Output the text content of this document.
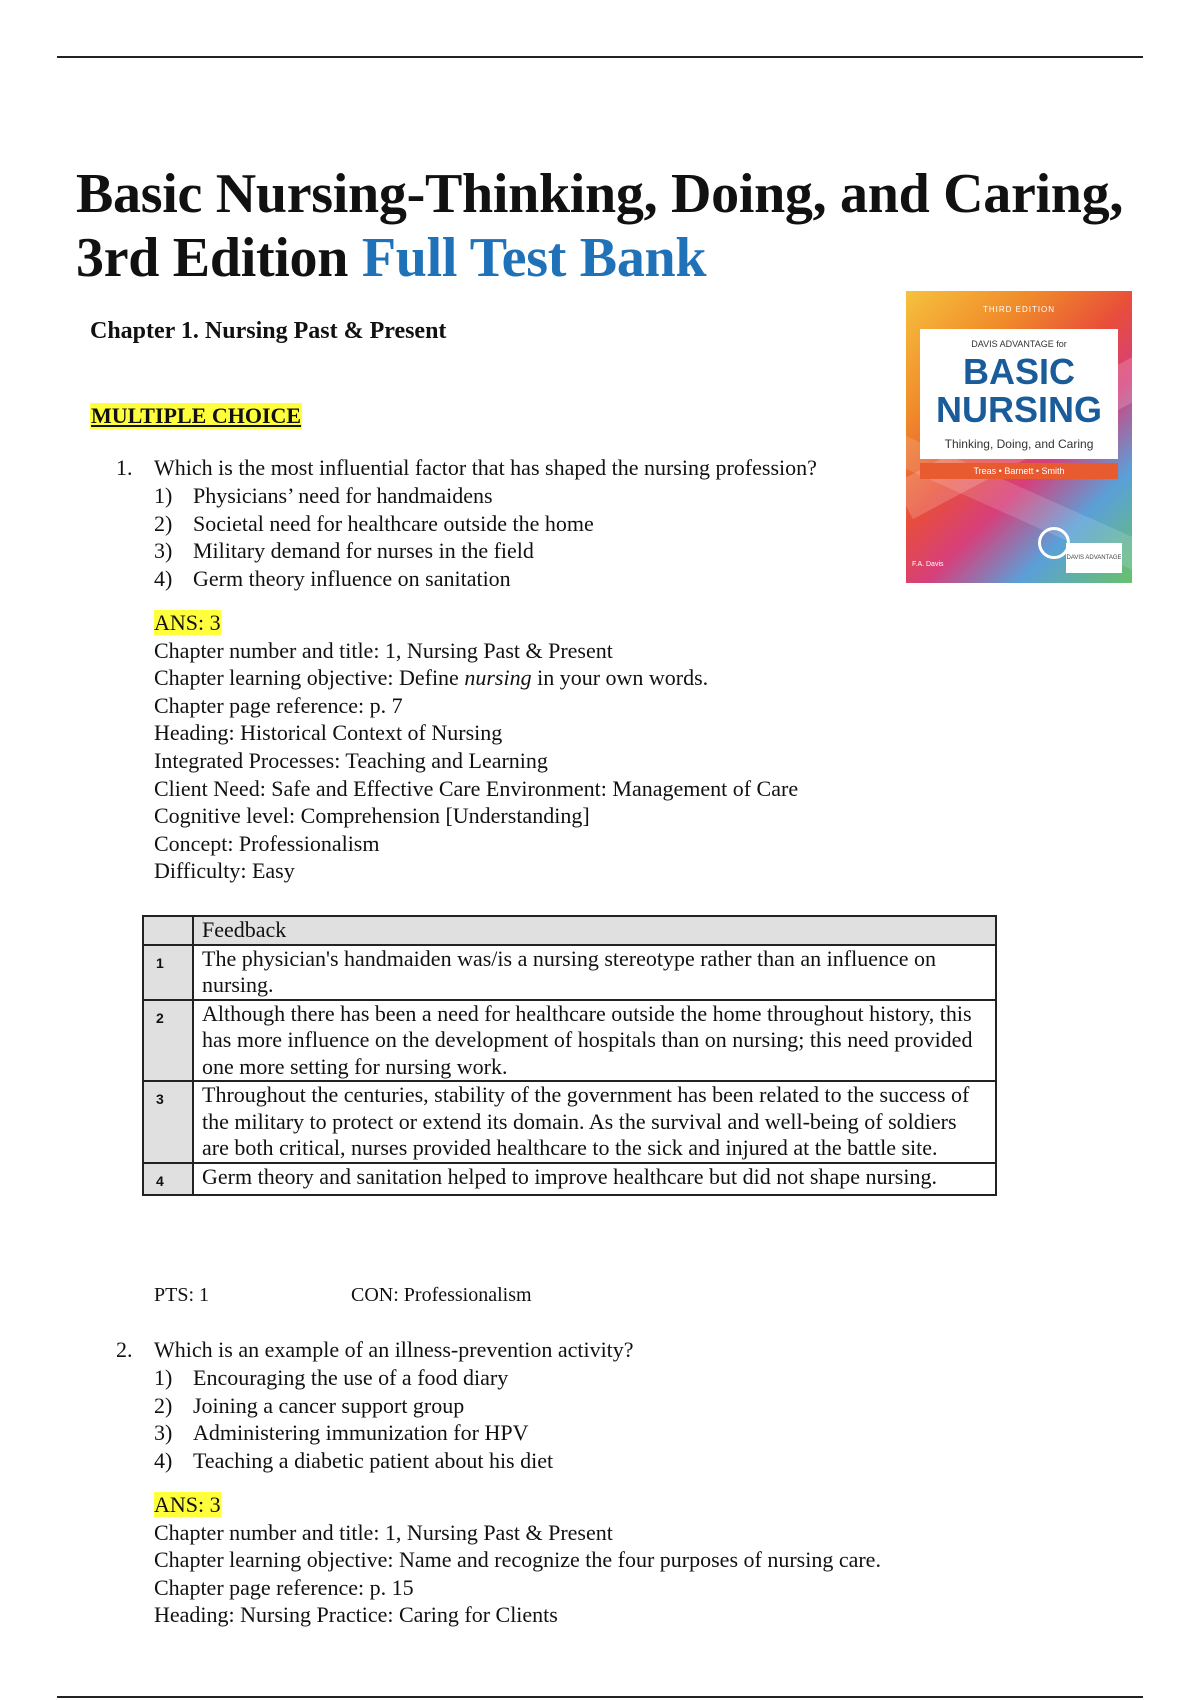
Basic Nursing-Thinking, Doing, and Caring,
3rd Edition Full Test Bank
Chapter 1. Nursing Past & Present
THIRD EDITION
DAVIS ADVANTAGE for
BASIC
NURSING
Thinking, Doing, and Caring
Treas • Barnett • Smith
DAVIS ADVANTAGE
F.A. Davis
MULTIPLE CHOICE
1. Which is the most influential factor that has shaped the nursing profession?
1) Physicians’ need for handmaidens
2) Societal need for healthcare outside the home
3) Military demand for nurses in the field
4) Germ theory influence on sanitation
ANS: 3
Chapter number and title: 1, Nursing Past & Present
Chapter learning objective: Define nursing in your own words.
Chapter page reference: p. 7
Heading: Historical Context of Nursing
Integrated Processes: Teaching and Learning
Client Need: Safe and Effective Care Environment: Management of Care
Cognitive level: Comprehension [Understanding]
Concept: Professionalism
Difficulty: Easy
	Feedback
1	The physician's handmaiden was/is a nursing stereotype rather than an influence on nursing.
2	Although there has been a need for healthcare outside the home throughout history, this has more influence on the development of hospitals than on nursing; this need provided one more setting for nursing work.
3	Throughout the centuries, stability of the government has been related to the success of the military to protect or extend its domain. As the survival and well-being of soldiers are both critical, nurses provided healthcare to the sick and injured at the battle site.
4	Germ theory and sanitation helped to improve healthcare but did not shape nursing.
PTS: 1	CON: Professionalism
2. Which is an example of an illness-prevention activity?
1) Encouraging the use of a food diary
2) Joining a cancer support group
3) Administering immunization for HPV
4) Teaching a diabetic patient about his diet
ANS: 3
Chapter number and title: 1, Nursing Past & Present
Chapter learning objective: Name and recognize the four purposes of nursing care.
Chapter page reference: p. 15
Heading: Nursing Practice: Caring for Clients
